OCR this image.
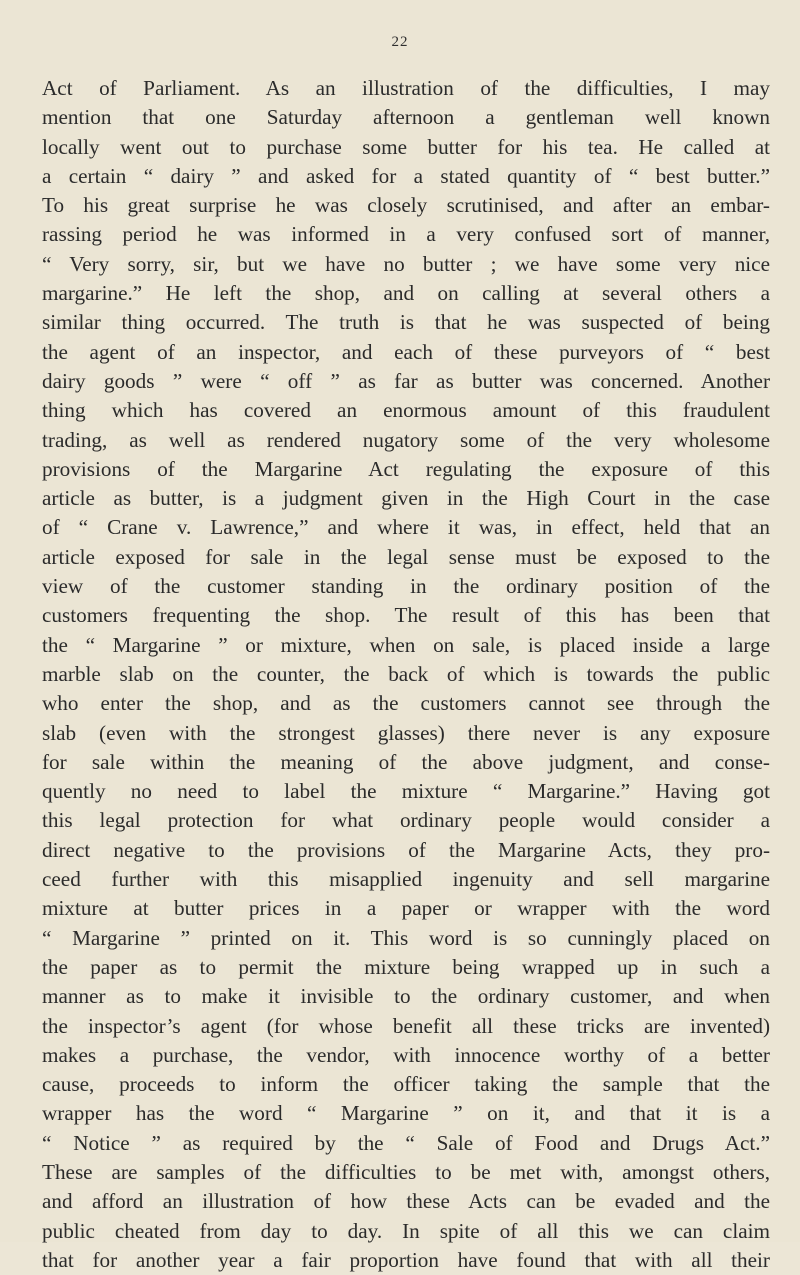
22
Act of Parliament. As an illustration of the difficulties, I may
mention that one Saturday afternoon a gentleman well known
locally went out to purchase some butter for his tea. He called at
a certain “ dairy ” and asked for a stated quantity of “ best butter.”
To his great surprise he was closely scrutinised, and after an embar-
rassing period he was informed in a very confused sort of manner,
“ Very sorry, sir, but we have no butter ; we have some very nice
margarine.” He left the shop, and on calling at several others a
similar thing occurred. The truth is that he was suspected of being
the agent of an inspector, and each of these purveyors of “ best
dairy goods ” were “ off ” as far as butter was concerned. Another
thing which has covered an enormous amount of this fraudulent
trading, as well as rendered nugatory some of the very wholesome
provisions of the Margarine Act regulating the exposure of this
article as butter, is a judgment given in the High Court in the case
of “ Crane v. Lawrence,” and where it was, in effect, held that an
article exposed for sale in the legal sense must be exposed to the
view of the customer standing in the ordinary position of the
customers frequenting the shop. The result of this has been that
the “ Margarine ” or mixture, when on sale, is placed inside a large
marble slab on the counter, the back of which is towards the public
who enter the shop, and as the customers cannot see through the
slab (even with the strongest glasses) there never is any exposure
for sale within the meaning of the above judgment, and conse-
quently no need to label the mixture “ Margarine.” Having got
this legal protection for what ordinary people would consider a
direct negative to the provisions of the Margarine Acts, they pro-
ceed further with this misapplied ingenuity and sell margarine
mixture at butter prices in a paper or wrapper with the word
“ Margarine ” printed on it. This word is so cunningly placed on
the paper as to permit the mixture being wrapped up in such a
manner as to make it invisible to the ordinary customer, and when
the inspector’s agent (for whose benefit all these tricks are invented)
makes a purchase, the vendor, with innocence worthy of a better
cause, proceeds to inform the officer taking the sample that the
wrapper has the word “ Margarine ” on it, and that it is a
“ Notice ” as required by the “ Sale of Food and Drugs Act.”
These are samples of the difficulties to be met with, amongst others,
and afford an illustration of how these Acts can be evaded and the
public cheated from day to day. In spite of all this we can claim
that for another year a fair proportion have found that with all their
